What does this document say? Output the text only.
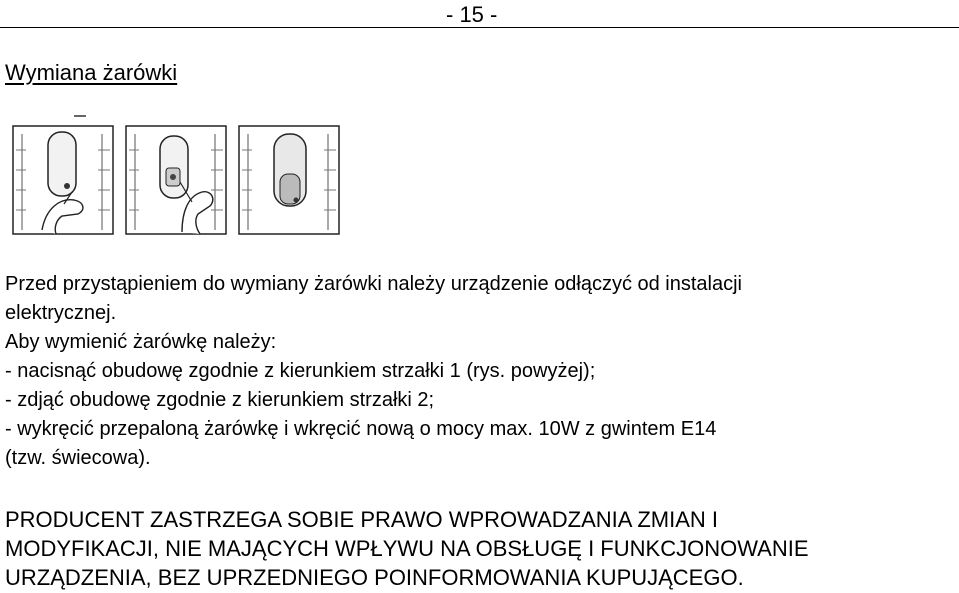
- 15 -
Wymiana żarówki

Przed przystąpieniem do wymiany żarówki należy urządzenie odłączyć od instalacji

elektrycznej.

Aby wymienić żarówkę należy:

- nacisnąć obudowę zgodnie z kierunkiem strzałki 1 (rys. powyżej);

- zdjąć obudowę zgodnie z kierunkiem strzałki 2;

- wykręcić przepaloną żarówkę i wkręcić nową o mocy max. 10W z gwintem E14

(tzw. świecowa).

PRODUCENT ZASTRZEGA SOBIE PRAWO WPROWADZANIA ZMIAN I

MODYFIKACJI, NIE MAJĄCYCH WPŁYWU NA OBSŁUGĘ I FUNKCJONOWANIE

URZĄDZENIA, BEZ UPRZEDNIEGO POINFORMOWANIA KUPUJĄCEGO.
